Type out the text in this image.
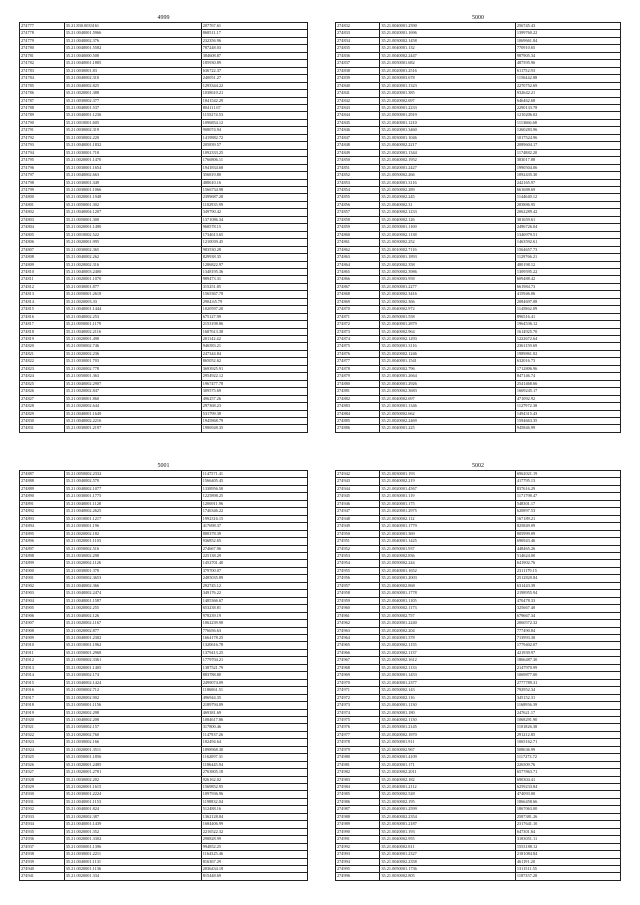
4999
274777	35.21.830.0033161	207767.61
274778	35.21.0040001.5966	868511.17
274779	35.21.0040002.376	232356.96
274780	35.21.0040001.5582	787248.03
274781	35.21.0040000.508	384608.87
274782	35.21.0040001.1885	185930.89
274783	35.21.0030001.83	636722.37
274784	35.21.0040002.310	240051.27
274785	35.21.0040002.825	1293344.22
274786	35.21.0020001.388	1038610.21
274787	35.21.0030002.377	1841542.29
274788	35.21.0040001.537	804111.67
274789	35.21.0040001.1236	1155274.53
274790	35.21.0010001.605	1096854.12
274791	35.21.0030002.319	908074.94
274792	35.21.0030002.220	1419882.72
274793	35.21.0040001.1832	205839.57
274794	35.21.0030001.718	1092333.25
274795	35.21.0020001.1470	1766806.11
274796	35.21.0030001.1654	1941834.68
274797	35.21.0040002.663	356819.80
274798	35.21.0030001.349	488610.16
274799	35.21.0030001.1066	1566734.98
274800	35.21.0020001.1948	2399687.28
274801	35.21.0050001.302	1102935.99
274802	35.21.0040004.1207	349790.42
274803	35.21.0050001.300	1371086.34
274804	35.21.0020001.1490	968578.15
274805	35.21.0010002.522	1734613.65
274806	35.21.0020001.995	1210039.45
274807	35.21.0030002.365	983530.28
274808	35.21.0040002.262	829938.35
274809	35.21.0020002.316	1286822.97
274810	35.21.0040003.2400	1348195.36
274811	35.21.0020001.1070	989473.31
274812	35.21.0030001.877	315251.85
274813	35.21.0050001.2618	1565367.78
274814	35.21.0020003.33	2904.65.79
274815	35.21.0040001.1444	1020597.20
274816	35.21.0040002.253	675127.99
274817	35.21.0050001.1179	2153198.86
274818	35.21.0040002.2116	1687613.38
274819	35.21.0020001.498	201142.42
274820	35.21.0050002.746	946583.21
274821	35.21.0020002.236	247344.84
274822	35.21.0030001.703	865052.62
274823	35.21.0020002.778	3693925.91
274824	35.21.0050001.363	2954922.12
274825	35.21.0040002.2907	1967477.78
274826	35.21.0020002.847	309575.69
274827	35.21.0030001.860	496257.26
274828	35.21.0020002.644	297368.23
274829	35.21.0040001.1649	531799.38
274830	35.21.0040002.2216	1945868.79
274831	35.21.0030001.2197	1986948.35
5000
274832	35.21.0040001.2590	256745.43
274833	35.21.0020001.1696	1399760.22
274834	35.21.0030002.1458	1069661.84
274835	35.21.0040001.132	770910.65
274836	35.21.0040002.2447	987905.34
274837	35.21.0050001.682	487595.96
274838	35.21.0020001.2516	611752.93
274839	35.21.0030003.678	1156442.88
274840	35.21.0020001.1323	2270752.69
274841	35.21.0020001.385	932642.21
274842	35.21.0020002.697	646462.68
274843	35.21.0030001.2233	2290133.78
274844	35.21.0050001.2919	1210206.02
274845	35.21.0040001.1210	1113666.68
274846	35.21.0020001.3460	1260283.96
274847	35.21.0030001.1046	1017524.96
274848	35.21.0040002.2217	2089604.17
274849	35.21.0020001.1344	1174882.20
274850	35.21.0040002.1952	383017.88
274851	35.21.0020001.2427	1990504.06
274852	35.21.0050002.266	1092435.30
274853	35.21.0040001.3116	242165.97
274854	35.21.0050002.289	661688.69
274855	35.21.0020002.245	1144640.12
274856	35.21.0040002.31	283886.95
274857	35.21.0040002.1233	2062289.42
274858	35.21.0040002.126	381659.61
274859	35.21.0050001.1169	2496726.04
274860	35.21.0020002.1138	1346979.51
274861	35.21.0030002.252	1463592.61
274862	35.21.0010002.7116	1564657.73
274863	35.21.0020001.1893	1129766.21
274864	35.21.0020002.358	480198.12
274865	35.21.0050002.3986	1309595.22
274866	35.21.0030003.958	609488.42
274867	35.21.0050001.2277	661984.73
274868	35.21.0020002.3416	415946.06
274869	35.21.0050002.366	2084697.08
274870	35.21.0040002.972	1145862.09
274871	35.21.0050001.558	896516.41
274872	35.21.0040001.2879	1964536.12
274873	35.21.0040002.964	1614925.70
274874	35.21.0020002.1293	1222672.64
274875	35.21.0050001.3116	2361159.69
274876	35.21.0020002.1246	1989861.02
274877	35.21.0040001.1541	632016.73
274878	35.21.0020002.796	1712806.96
274879	35.21.0040001.2664	847146.74
274880	35.21.0040001.2926	2541468.66
274881	35.21.0050002.3683	1669245.17
274882	35.21.0040002.697	471092.92
274883	35.21.0030001.1346	1127972.38
274884	35.21.0050002.662	1494315.43
274885	35.21.0020002.2469	1594663.35
274886	35.21.0040001.225	945846.99
5001
274887	35.21.0050002.2332	1147571.41
274888	35.21.0040002.570	1566405.45
274889	35.21.0040002.1077	1338956.50
274890	35.21.0030001.1775	1225898.25
274891	35.21.0040001.1128	1206911.96
274892	35.21.0040002.2625	1746346.22
274893	35.21.0010001.1217	1992316.15
274894	35.21.0030001.196	417698.37
274895	35.21.0020002.182	880378.39
274896	35.21.0020001.1103	936852.65
274897	35.21.0050002.516	274667.96
274898	35.21.0030002.298	225138.29
274899	35.21.0020002.1126	1452701.40
274900	35.21.0030001.378	379700.07
274901	35.21.0050002.3653	2485035.89
274902	35.21.0040002.366	292745.12
274903	35.21.0040002.2474	349176.22
274904	35.21.0040001.1587	1485366.67
274905	35.21.0020002.255	653238.81
274906	35.21.0040002.126	978239.19
274907	35.21.0020002.1167	1062239.90
274908	35.21.0020002.877	776656.63
274909	35.21.0040001.2302	1664178.25
274910	35.21.0010001.1962	1320616.78
274911	35.21.0050001.2968	1379413.25
274912	35.21.0050002.3361	1779704.21
274913	35.21.0020001.1405	1387521.79
274914	35.21.0030002.174	883788.80
274915	35.21.0040002.1424	2499074.09
274916	35.21.0050002.712	1186061.51
274917	35.21.0020002.902	496944.35
274918	35.21.0050001.1156	2189794.09
274919	35.21.0020002.298	469381.69
274920	35.21.0040002.208	1084617.86
274921	35.21.0050002.157	317800.46
274922	35.21.0020002.760	1147937.26
274923	35.21.0030002.166	182494.64
274924	35.21.0020001.3511	1898968.30
274925	35.21.0050001.1856	1162097.31
274926	35.21.0020001.2485	1186445.94
274927	35.21.0020001.2781	2763805.18
274928	35.21.0030002.202	926162.02
274929	35.21.0020001.1615	1569852.95
274930	35.21.0030001.2224	1097936.96
274931	35.21.0040001.1153	1198832.04
274932	35.21.0040001.824	512488.16
274933	35.21.0020002.387	1362128.84
274934	35.21.0040001.1439	1684406.99
274935	35.21.0020001.352	2216522.32
274936	35.21.0020001.3302	298828.99
274937	35.21.0050001.1396	994852.25
274938	35.21.0030001.2211	1164325.46
274939	35.21.0040001.1131	816367.29
274940	35.21.0020001.1136	2036434.18
274941	35.21.0020001.334	815448.69
5002
274942	35.21.0030001.193	6962021.19
274943	35.21.0040002.219	417795.13
274944	35.21.0020001.4567	837616.29
274945	35.21.0030001.119	1171798.47
274946	35.21.0020001.175	548301.17
274947	35.21.0020001.2975	620897.53
274948	35.21.0030002.112	167189.21
274949	35.21.0040001.1779	825849.09
274950	35.21.0020001.369	805999.09
274951	35.21.0040001.1425	696943.46
274952	35.21.0050001.937	448465.26
274953	35.21.0020002.836	514624.00
274954	35.21.0050002.244	641902.76
274955	35.21.0040001.1652	2311179.15
274956	35.21.0020001.2003	2512820.84
274957	35.21.0040002.868	631443.39
274958	35.21.0030001.1778	2198955.94
274959	35.21.0040001.1105	470478.33
274960	35.21.0050002.1173	325667.40
274961	35.21.0050002.757	679667.34
274962	35.21.0020001.2240	2060572.32
274963	35.21.0020002.204	777490.84
274964	35.21.0020001.378	713993.30
274965	35.21.0020002.1155	1779402.07
274966	35.21.0020002.1137	421939.97
274967	35.21.0050002.1612	1866487.30
274968	35.21.0020002.1133	2147970.99
274969	35.21.0030001.1453	1069877.00
274970	35.21.0040001.2377	2777789.31
274971	35.21.0050002.143	792952.34
274972	35.21.0020002.116	345152.31
274973	35.21.0040001.1130	1168956.39
274974	35.21.0030001.180	247621.17
274975	35.21.0040002.1130	1068291.90
274976	35.21.0050001.2145	1101826.38
274977	35.21.0020002.1870	291212.85
274978	35.21.0050001.911	1065162.71
274979	35.21.0030002.967	508636.99
274980	35.21.0030001.4109	1117273.72
274981	35.21.0020001.171	226509.76
274982	35.21.0020002.2011	6577863.71
274983	35.21.0040002.182	690304.41
274984	35.21.0040001.2112	6259233.84
274985	35.21.0050002.528	474093.00
274986	35.21.0030002.195	1866458.66
274987	35.21.0040001.2599	1867063.00
274988	35.21.0040002.2354	2587381.26
274989	35.21.0030001.2187	2317641.10
274990	35.21.0020001.193	647301.64
274991	35.21.0040002.955	3183051.11
274992	35.21.0040002.811	1553188.12
274993	35.21.0040001.2327	2181084.84
274994	35.21.0040002.2358	461191.20
274995	35.21.0050001.1736	1311511.55
274996	35.21.0030002.805	1187357.28
